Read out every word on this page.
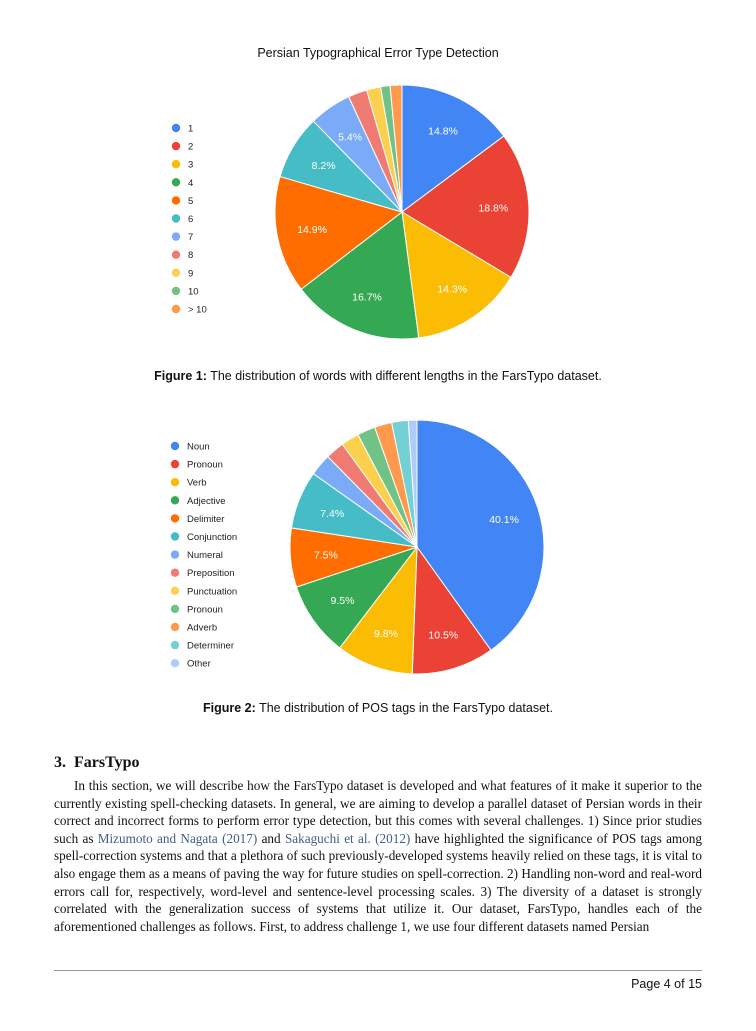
Persian Typographical Error Type Detection
14.8%
18.8%
14.3%
16.7%
14.9%
8.2%
5.4%
1
2
3
4
5
6
7
8
9
10
> 10
Figure 1: The distribution of words with different lengths in the FarsTypo dataset.
40.1%
10.5%
9.8%
9.5%
7.5%
7.4%
Noun
Pronoun
Verb
Adjective
Delimiter
Conjunction
Numeral
Preposition
Punctuation
Pronoun
Adverb
Determiner
Other
Figure 2: The distribution of POS tags in the FarsTypo dataset.
3. FarsTypo

In this section, we will describe how the FarsTypo dataset is developed and what features of it make it superior to the currently existing spell-checking datasets. In general, we are aiming to develop a parallel dataset of Persian words in their correct and incorrect forms to perform error type detection, but this comes with several challenges. 1) Since prior studies such as Mizumoto and Nagata (2017) and Sakaguchi et al. (2012) have highlighted the significance of POS tags among spell-correction systems and that a plethora of such previously-developed systems heavily relied on these tags, it is vital to also engage them as a means of paving the way for future studies on spell-correction. 2) Handling non-word and real-word errors call for, respectively, word-level and sentence-level processing scales. 3) The diversity of a dataset is strongly correlated with the generalization success of systems that utilize it. Our dataset, FarsTypo, handles each of the aforementioned challenges as follows. First, to address challenge 1, we use four different datasets named Persian

Page 4 of 15
